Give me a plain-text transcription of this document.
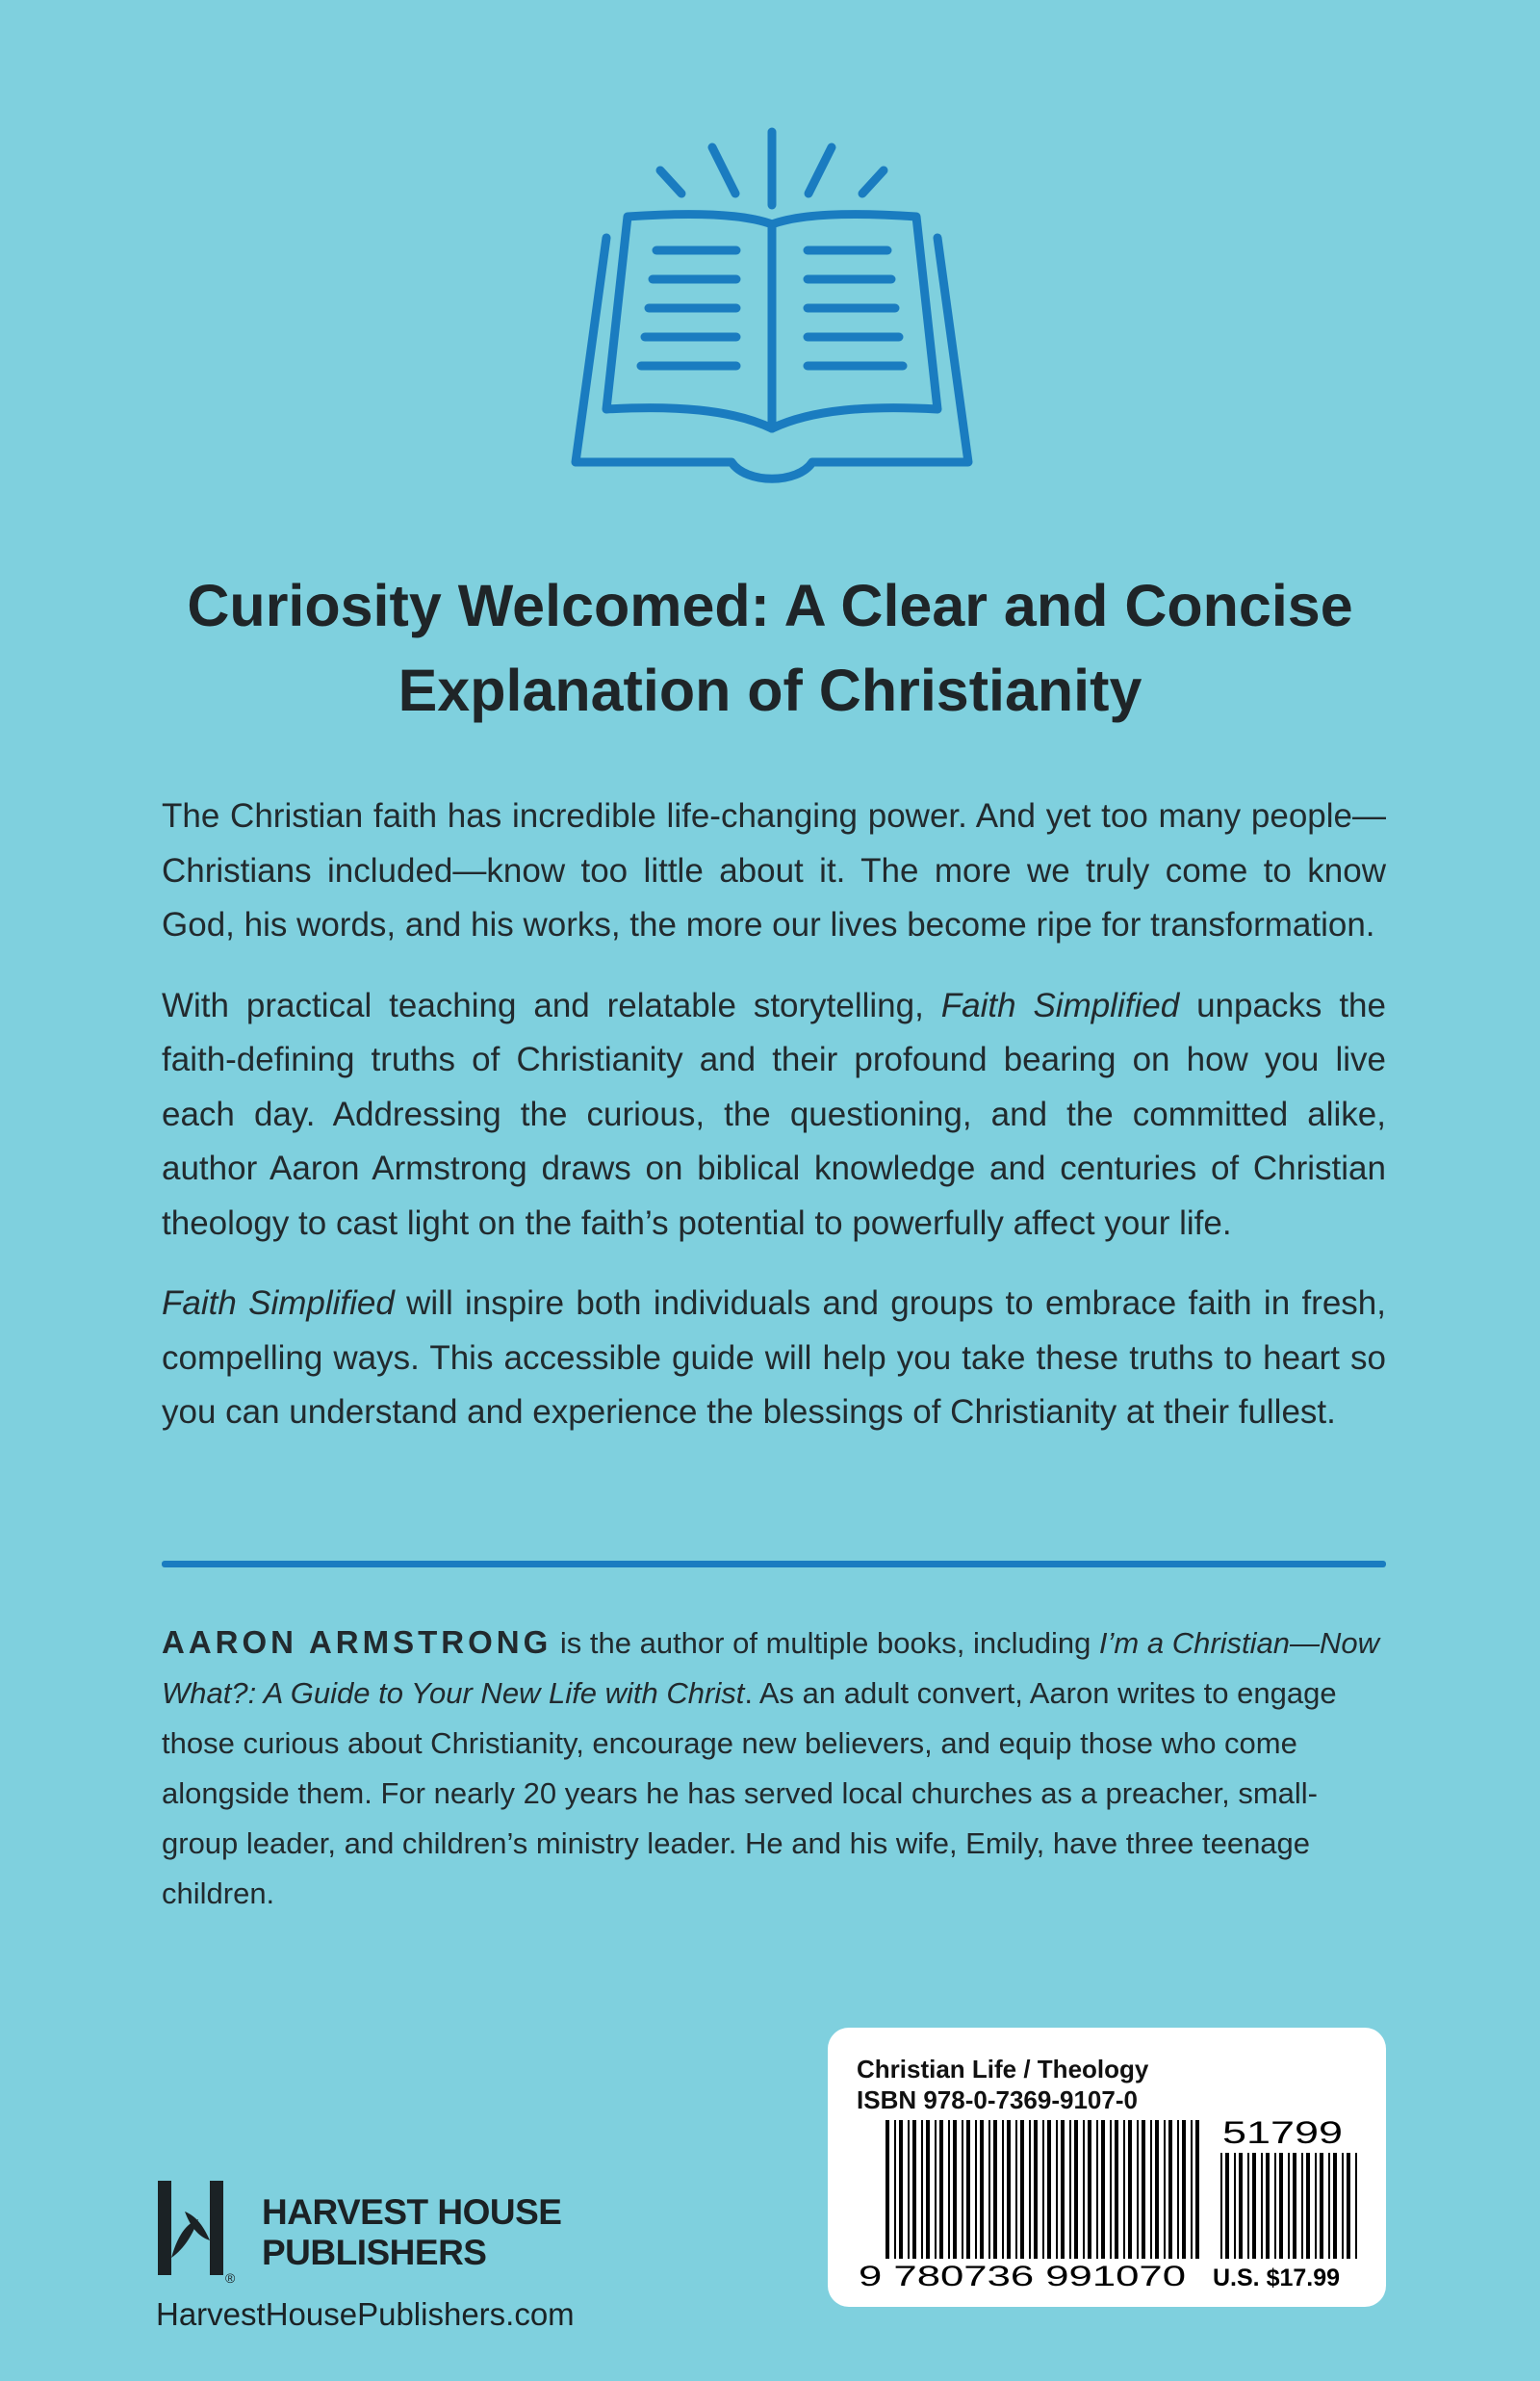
Curiosity Welcomed: A Clear and Concise
Explanation of Christianity

The Christian faith has incredible life-changing power. And yet too many people—Christians included—know too little about it. The more we truly come to know God, his words, and his works, the more our lives become ripe for transformation.

With practical teaching and relatable storytelling, Faith Simplified unpacks the faith-defining truths of Christianity and their profound bearing on how you live each day. Addressing the curious, the questioning, and the committed alike, author Aaron Armstrong draws on biblical knowledge and centuries of Christian theology to cast light on the faith’s potential to powerfully affect your life.

Faith Simplified will inspire both individuals and groups to embrace faith in fresh, compelling ways. This accessible guide will help you take these truths to heart so you can understand and experience the blessings of Christianity at their fullest.

AARON ARMSTRONG is the author of multiple books, including I’m a Christian—Now What?: A Guide to Your New Life with Christ. As an adult convert, Aaron writes to engage those curious about Christianity, encourage new believers, and equip those who come alongside them. For nearly 20 years he has served local churches as a preacher, small-group leader, and children’s ministry leader. He and his wife, Emily, have three teenage children.

®
HARVEST HOUSE
PUBLISHERS
HarvestHousePublishers.com
Christian Life / Theology
ISBN 978-0-7369-9107-0
9 780736 991070
51799
U.S. $17.99
